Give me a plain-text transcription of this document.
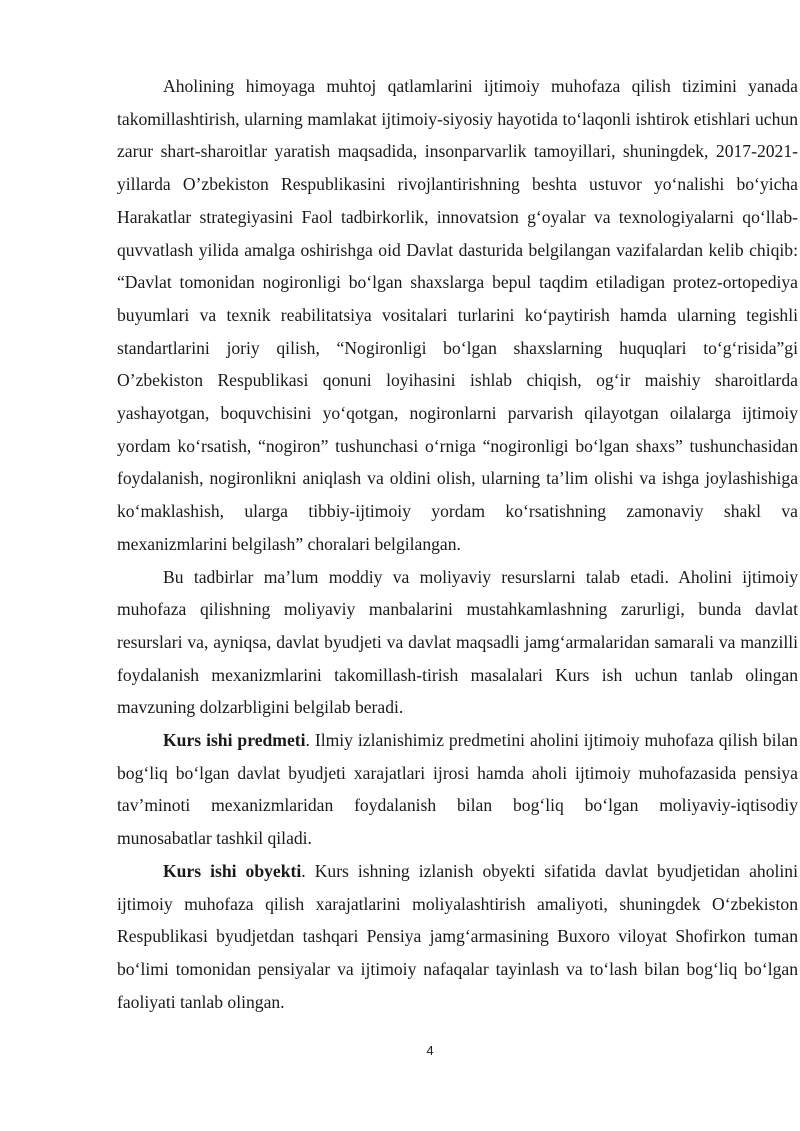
Aholining himoyaga muhtoj qatlamlarini ijtimoiy muhofaza qilish tizimini yanada takomillashtirish, ularning mamlakat ijtimoiy-siyosiy hayotida to‘laqonli ishtirok etishlari uchun zarur shart-sharoitlar yaratish maqsadida, insonparvarlik tamoyillari, shuningdek, 2017-2021-yillarda O’zbekiston Respublikasini rivojlantirishning beshta ustuvor yo‘nalishi bo‘yicha Harakatlar strategiyasini Faol tadbirkorlik, innovatsion g‘oyalar va texnologiyalarni qo‘llab-quvvatlash yilida amalga oshirishga oid Davlat dasturida belgilangan vazifalardan kelib chiqib: “Davlat tomonidan nogironligi bo‘lgan shaxslarga bepul taqdim etiladigan protez-ortopediya buyumlari va texnik reabilitatsiya vositalari turlarini ko‘paytirish hamda ularning tegishli standartlarini joriy qilish, “Nogironligi bo‘lgan shaxslarning huquqlari to‘g‘risida”gi O’zbekiston Respublikasi qonuni loyihasini ishlab chiqish, og‘ir maishiy sharoitlarda yashayotgan, boquvchisini yo‘qotgan, nogironlarni parvarish qilayotgan oilalarga ijtimoiy yordam ko‘rsatish, “nogiron” tushunchasi o‘rniga “nogironligi bo‘lgan shaxs” tushunchasidan foydalanish, nogironlikni aniqlash va oldini olish, ularning ta’lim olishi va ishga joylashishiga ko‘maklashish, ularga tibbiy-ijtimoiy yordam ko‘rsatishning zamonaviy shakl va mexanizmlarini belgilash” choralari belgilangan.

Bu tadbirlar ma’lum moddiy va moliyaviy resurslarni talab etadi. Aholini ijtimoiy muhofaza qilishning moliyaviy manbalarini mustahkamlashning zarurligi, bunda davlat resurslari va, ayniqsa, davlat byudjeti va davlat maqsadli jamg‘armalaridan samarali va manzilli foydalanish mexanizmlarini takomillash-tirish masalalari Kurs ish uchun tanlab olingan mavzuning dolzarbligini belgilab beradi.

Kurs ishi predmeti. Ilmiy izlanishimiz predmetini aholini ijtimoiy muhofaza qilish bilan bog‘liq bo‘lgan davlat byudjeti xarajatlari ijrosi hamda aholi ijtimoiy muhofazasida pensiya tav’minoti mexanizmlaridan foydalanish bilan bog‘liq bo‘lgan moliyaviy-iqtisodiy munosabatlar tashkil qiladi.

Kurs ishi obyekti. Kurs ishning izlanish obyekti sifatida davlat byudjetidan aholini ijtimoiy muhofaza qilish xarajatlarini moliyalashtirish amaliyoti, shuningdek O‘zbekiston Respublikasi byudjetdan tashqari Pensiya jamg‘armasining Buxoro viloyat Shofirkon tuman bo‘limi tomonidan pensiyalar va ijtimoiy nafaqalar tayinlash va to‘lash bilan bog‘liq bo‘lgan faoliyati tanlab olingan.

4
